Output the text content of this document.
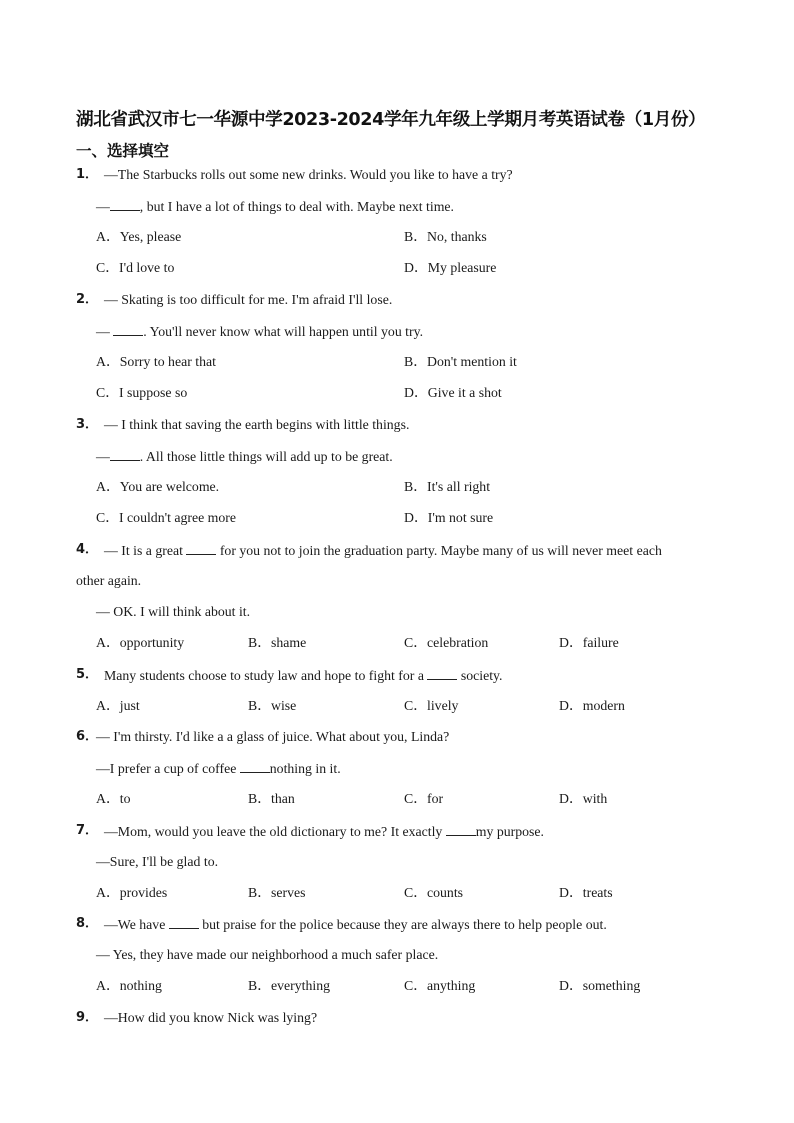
湖北省武汉市七一华源中学2023-2024学年九年级上学期月考英语试卷（1月份）
一、选择填空
1． —The Starbucks rolls out some new drinks. Would you like to have a try?
— , but I have a lot of things to deal with. Maybe next time.
A．Yes, please	B．No, thanks
C．I'd love to	D．My pleasure
2． — Skating is too difficult for me. I'm afraid I'll lose.
— . You'll never know what will happen until you try.
A．Sorry to hear that	B．Don't mention it
C．I suppose so	D．Give it a shot
3． — I think that saving the earth begins with little things.
— . All those little things will add up to be great.
A．You are welcome.	B．It's all right
C．I couldn't agree more	D．I'm not sure
4． — It is a great  for you not to join the graduation party. Maybe many of us will never meet each
other again.
— OK. I will think about it.
A．opportunity	B．shame	C．celebration	D．failure
5． Many students choose to study law and hope to fight for a  society.
A．just	B．wise	C．lively	D．modern
6．
— I'm thirsty. I'd like a a glass of juice. What about you, Linda?
—I prefer a cup of coffee nothing in it.
A．to	B．than	C．for	D．with
7． —Mom, would you leave the old dictionary to me? It exactly my purpose.
—Sure, I'll be glad to.
A．provides	B．serves	C．counts	D．treats
8． —We have  but praise for the police because they are always there to help people out.
— Yes, they have made our neighborhood a much safer place.
A．nothing	B．everything	C．anything	D．something
9． —How did you know Nick was lying?
